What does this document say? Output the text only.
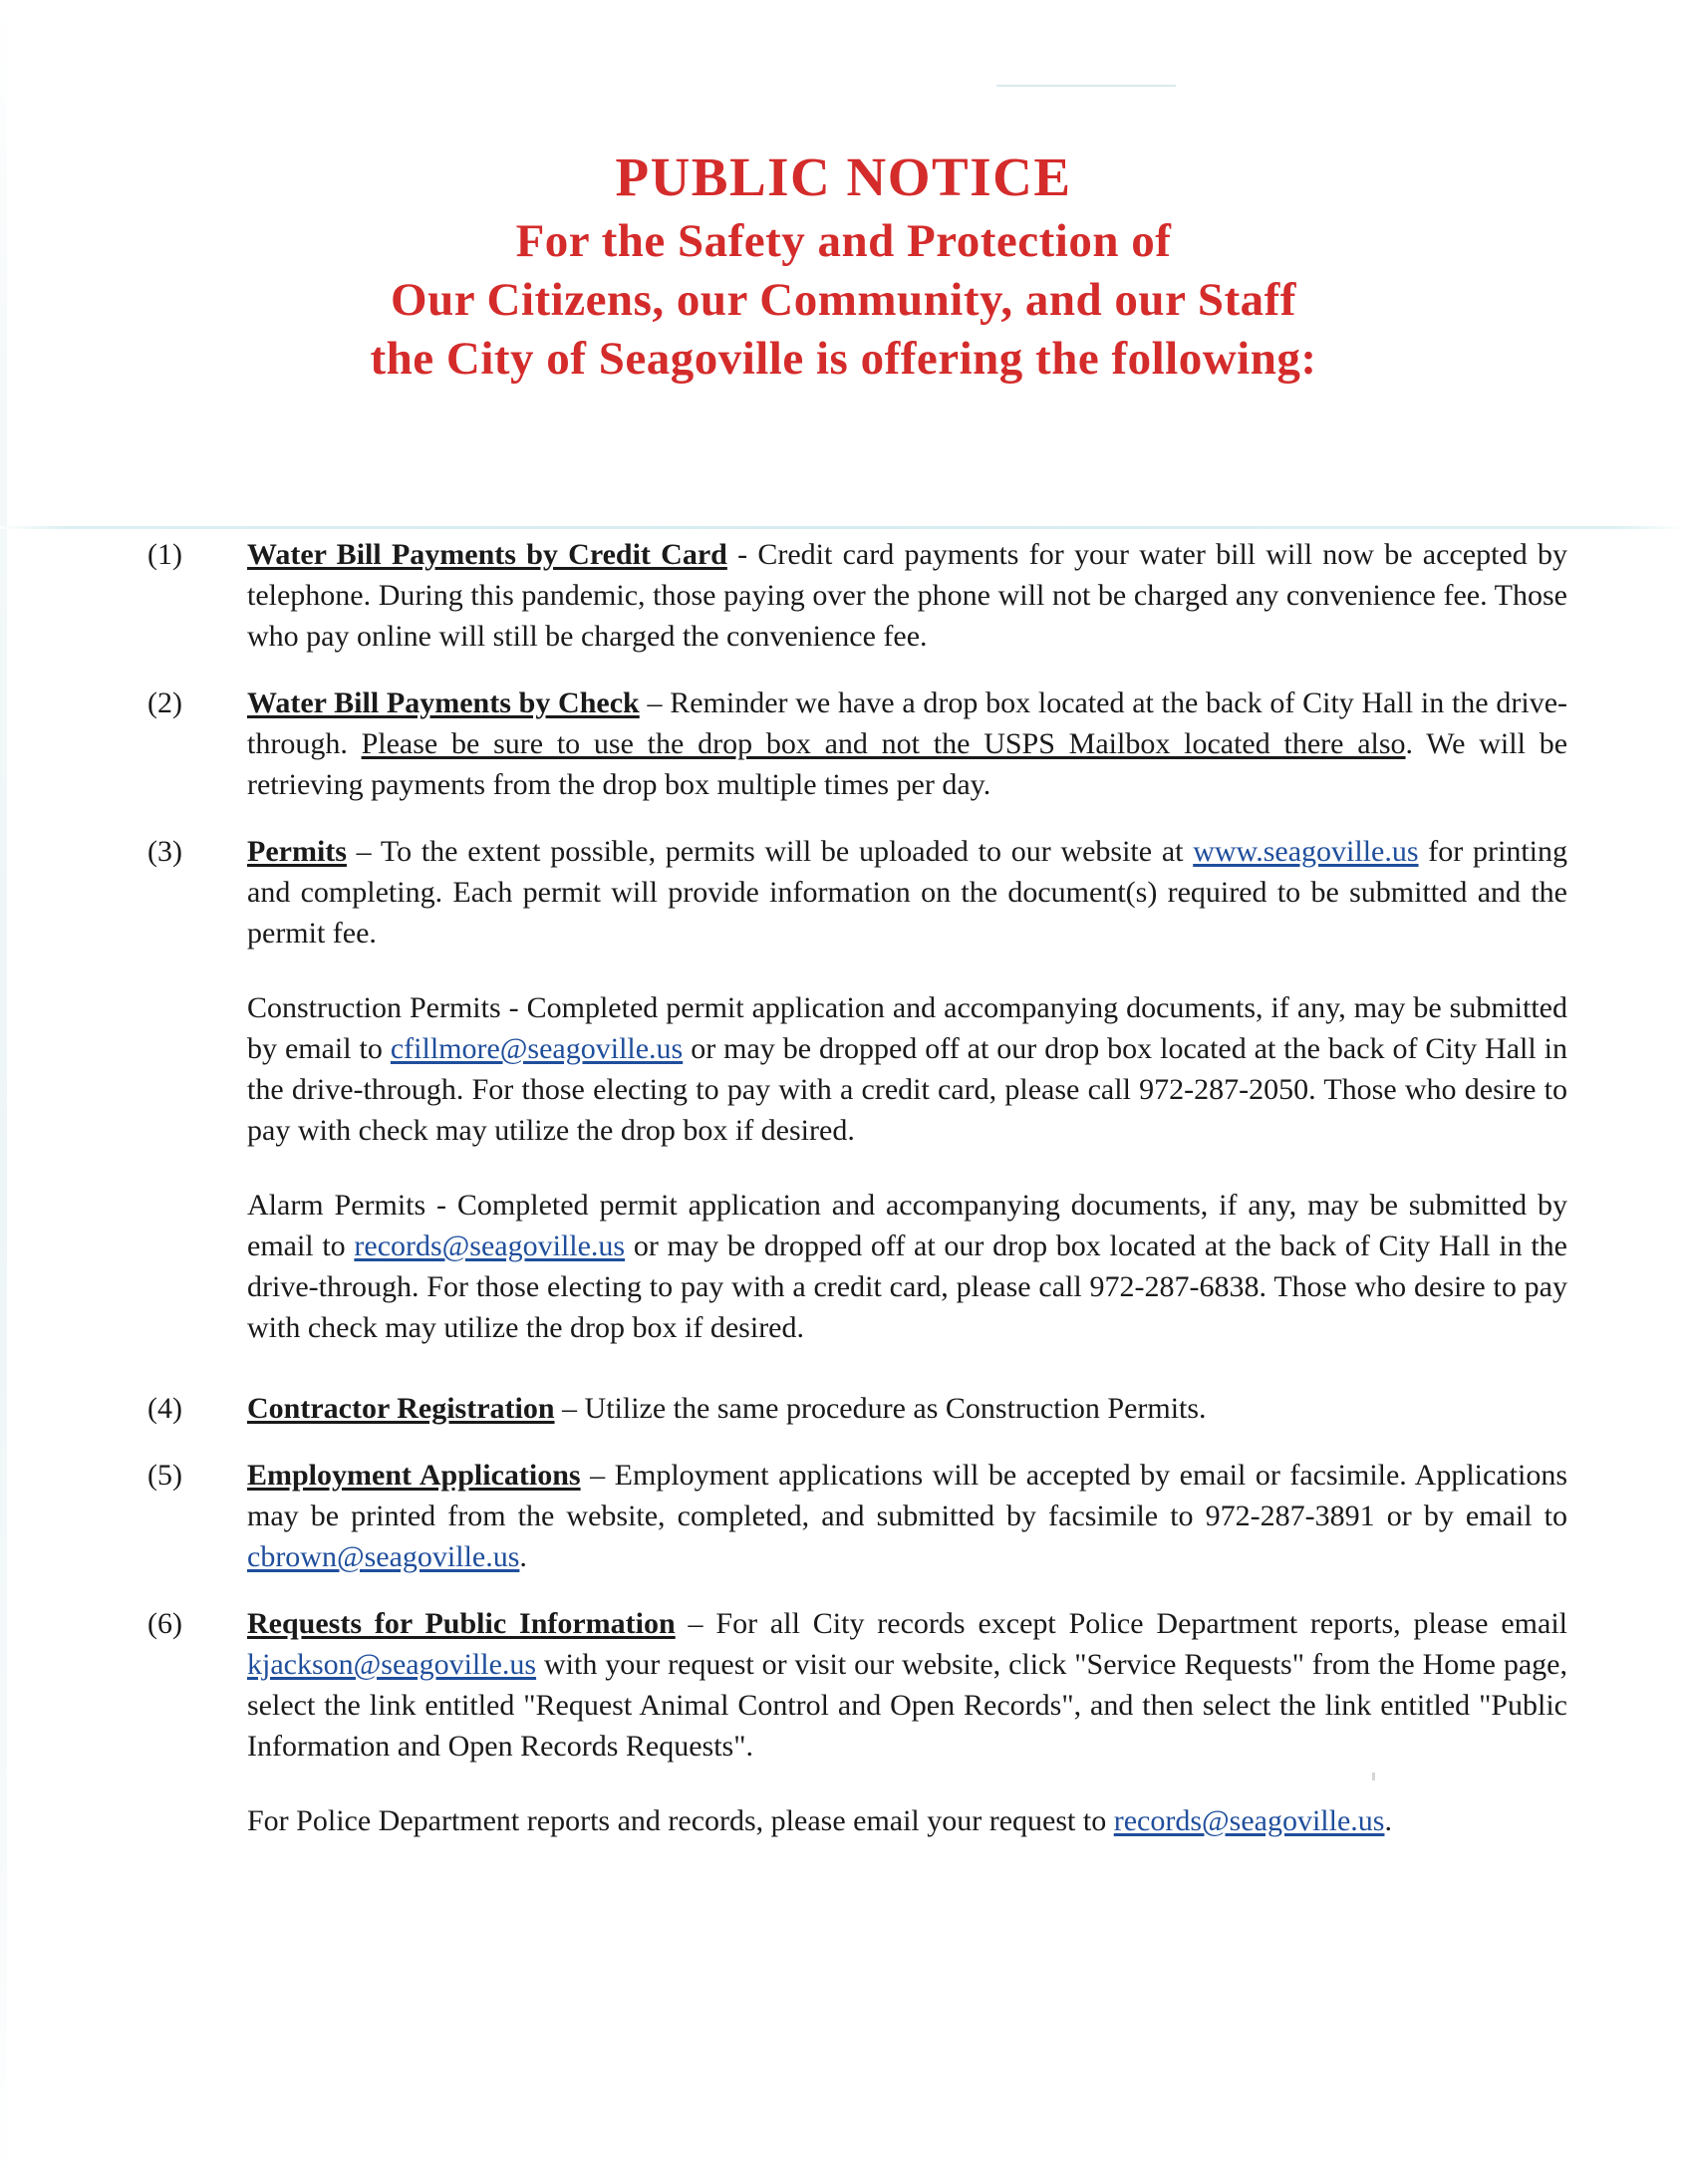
PUBLIC NOTICE
For the Safety and Protection of
Our Citizens, our Community, and our Staff
the City of Seagoville is offering the following:
(1)	Water Bill Payments by Credit Card - Credit card payments for your water bill will now be accepted by telephone. During this pandemic, those paying over the phone will not be charged any convenience fee. Those who pay online will still be charged the convenience fee.

(2)	Water Bill Payments by Check – Reminder we have a drop box located at the back of City Hall in the drive-through. Please be sure to use the drop box and not the USPS Mailbox located there also. We will be retrieving payments from the drop box multiple times per day.

(3)	Permits – To the extent possible, permits will be uploaded to our website at www.seagoville.us for printing and completing. Each permit will provide information on the document(s) required to be submitted and the permit fee.

Construction Permits - Completed permit application and accompanying documents, if any, may be submitted by email to cfillmore@seagoville.us or may be dropped off at our drop box located at the back of City Hall in the drive-through. For those electing to pay with a credit card, please call 972-287-2050. Those who desire to pay with check may utilize the drop box if desired.

Alarm Permits - Completed permit application and accompanying documents, if any, may be submitted by email to records@seagoville.us or may be dropped off at our drop box located at the back of City Hall in the drive-through. For those electing to pay with a credit card, please call 972-287-6838. Those who desire to pay with check may utilize the drop box if desired.

(4)	Contractor Registration – Utilize the same procedure as Construction Permits.

(5)	Employment Applications – Employment applications will be accepted by email or facsimile. Applications may be printed from the website, completed, and submitted by facsimile to 972-287-3891 or by email to cbrown@seagoville.us.

(6)	Requests for Public Information – For all City records except Police Department reports, please email kjackson@seagoville.us with your request or visit our website, click "Service Requests" from the Home page, select the link entitled "Request Animal Control and Open Records", and then select the link entitled "Public Information and Open Records Requests".

For Police Department reports and records, please email your request to records@seagoville.us.
